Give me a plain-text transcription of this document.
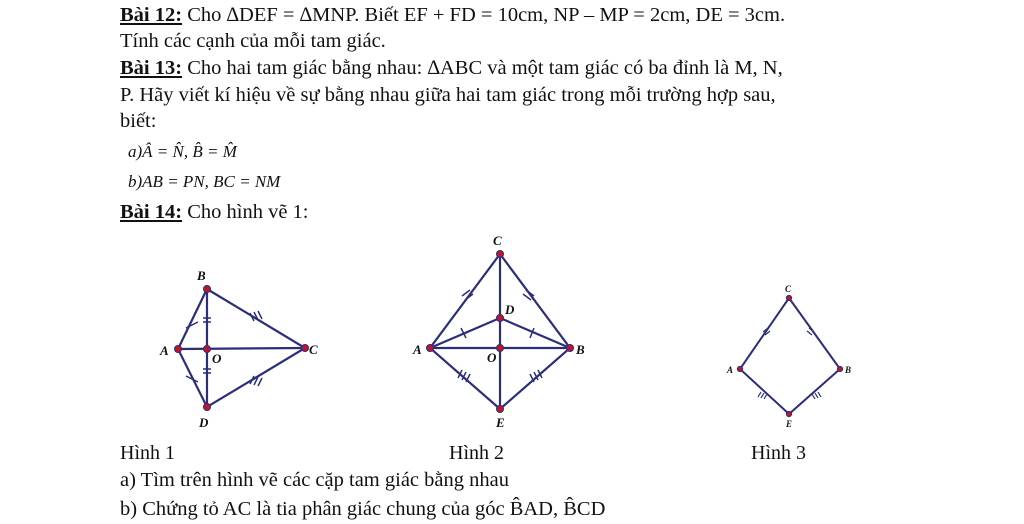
Bài 12: Cho ∆DEF = ∆MNP. Biết EF + FD = 10cm, NP – MP = 2cm, DE = 3cm.
Tính các cạnh của mỗi tam giác.
Bài 13: Cho hai tam giác bằng nhau: ∆ABC và một tam giác có ba đỉnh là M, N,
P. Hãy viết kí hiệu về sự bằng nhau giữa hai tam giác trong mỗi trường hợp sau,
biết:
a)Â = N̂, B̂ = M̂
b)AB = PN, BC = NM
Bài 14: Cho hình vẽ 1:
B
C
D
A
O
C
B
E
A
D
O
C
B
E
A
Hình 1	Hình 2	Hình 3
a) Tìm trên hình vẽ các cặp tam giác bằng nhau
b) Chứng tỏ AC là tia phân giác chung của góc B̂AD, B̂CD
